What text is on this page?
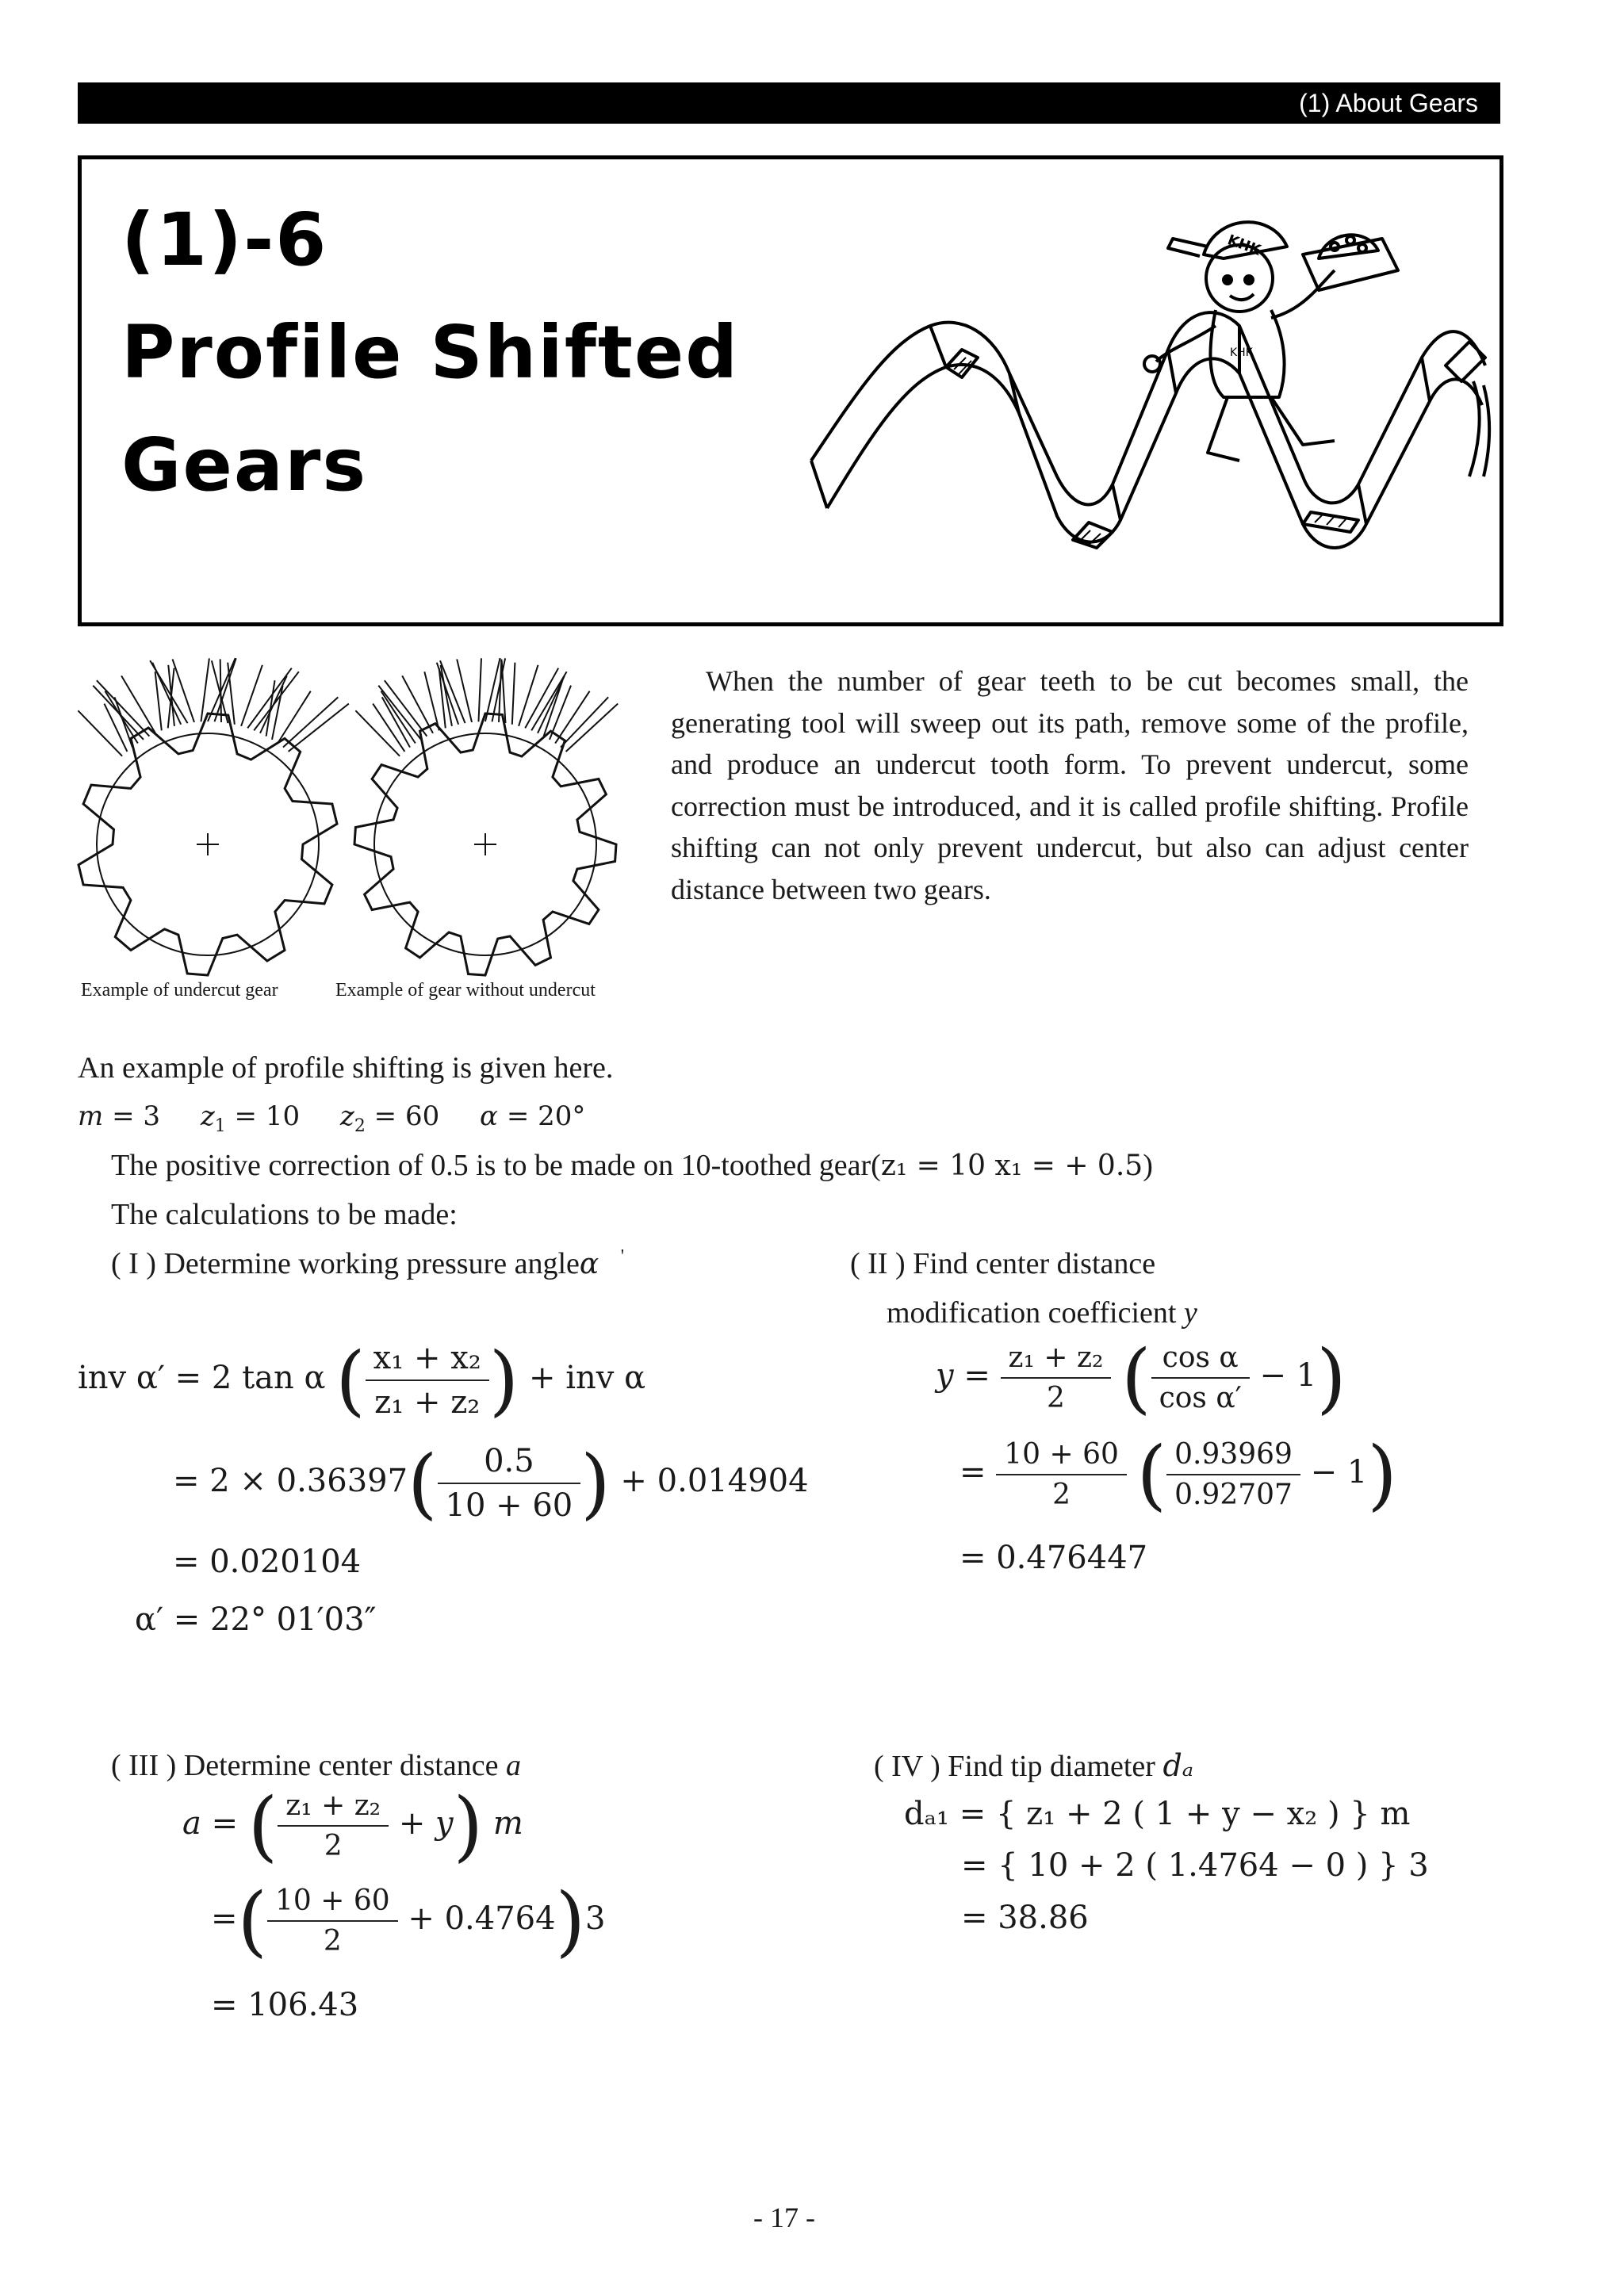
(1) About Gears
(1)-6
Profile Shifted
Gears
KHK
KHK
Example of undercut gear	Example of gear without undercut
When the number of gear teeth to be cut becomes small, the generating tool will sweep out its path, remove some of the profile, and produce an undercut tooth form. To prevent undercut, some correction must be introduced, and it is called profile shifting. Profile shifting can not only prevent undercut, but also can adjust center distance between two gears.
An example of profile shifting is given here.
m = 3 $z_1 = 10$ $z_2 = 60$ α = 20°
The positive correction of 0.5 is to be made on 10-toothed gear(z₁ = 10 x₁ = + 0.5)
The calculations to be made:
( I ) Determine working pressure angleα '
inv α′ = 2 tan α ( $\frac{\text{x₁ + x₂}}{\text{z₁ + z₂}}$ ) + inv α
= $2 \times 0.36397( \frac{0.5}{10 + 60}$ ) + 0.014904
= 0.020104
α′ = 22° 01′03″
( II ) Find center distance
modification coefficient y
$y = \frac{\text{z₁ + z₂}}{2}$ ( $\frac{\text{cos α}}{\text{cos α′}} - 1$)
= $\frac{10 + 60}{2}$ ( $\frac{0.93969}{0.92707} - 1$)
= 0.476447
( III ) Determine center distance a
a = ( $\frac{\text{z₁ + z₂}}{2} + y$) m
=( $\frac{10 + 60}{2} + 0.4764)3$
= 106.43
( IV ) Find tip diameter dₐ
dₐ₁ = { z₁ + 2 ( 1 + y − x₂ ) } m
= { 10 + 2 ( 1.4764 − 0 ) } 3
= 38.86
- 17 -
